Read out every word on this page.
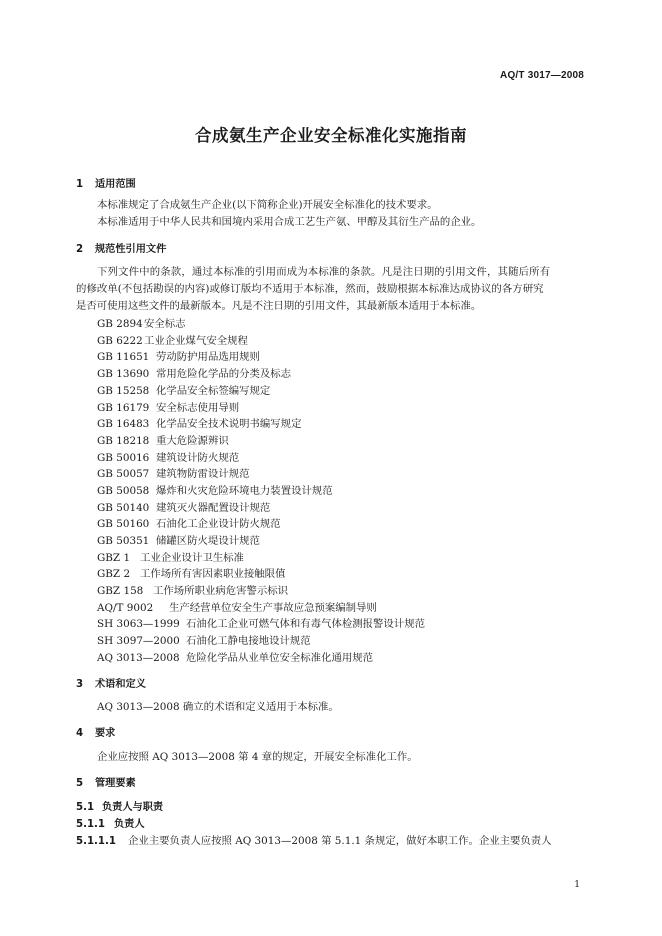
AQ/T 3017—2008
合成氨生产企业安全标准化实施指南
1 适用范围
本标准规定了合成氨生产企业(以下简称企业)开展安全标准化的技术要求。
本标准适用于中华人民共和国境内采用合成工艺生产氨、甲醇及其衍生产品的企业。
2 规范性引用文件
下列文件中的条款，通过本标准的引用而成为本标准的条款。凡是注日期的引用文件，其随后所有
的修改单(不包括勘误的内容)或修订版均不适用于本标准，然而，鼓励根据本标准达成协议的各方研究
是否可使用这些文件的最新版本。凡是不注日期的引用文件，其最新版本适用于本标准。
GB 2894安全标志
GB 6222工业企业煤气安全规程
GB 11651 劳动防护用品选用规则
GB 13690 常用危险化学品的分类及标志
GB 15258 化学品安全标签编写规定
GB 16179 安全标志使用导则
GB 16483 化学品安全技术说明书编写规定
GB 18218 重大危险源辨识
GB 50016 建筑设计防火规范
GB 50057 建筑物防雷设计规范
GB 50058 爆炸和火灾危险环境电力装置设计规范
GB 50140 建筑灭火器配置设计规范
GB 50160 石油化工企业设计防火规范
GB 50351 储罐区防火堤设计规范
GBZ 1 工业企业设计卫生标准
GBZ 2 工作场所有害因素职业接触限值
GBZ 158 工作场所职业病危害警示标识
AQ/T 9002 生产经营单位安全生产事故应急预案编制导则
SH 3063—1999 石油化工企业可燃气体和有毒气体检测报警设计规范
SH 3097—2000 石油化工静电接地设计规范
AQ 3013—2008 危险化学品从业单位安全标准化通用规范
3 术语和定义
AQ 3013—2008 确立的术语和定义适用于本标准。
4 要求
企业应按照 AQ 3013—2008 第 4 章的规定，开展安全标准化工作。
5 管理要素
5.1 负责人与职责
5.1.1 负责人
5.1.1.1 企业主要负责人应按照 AQ 3013—2008 第 5.1.1 条规定，做好本职工作。企业主要负责人
1
